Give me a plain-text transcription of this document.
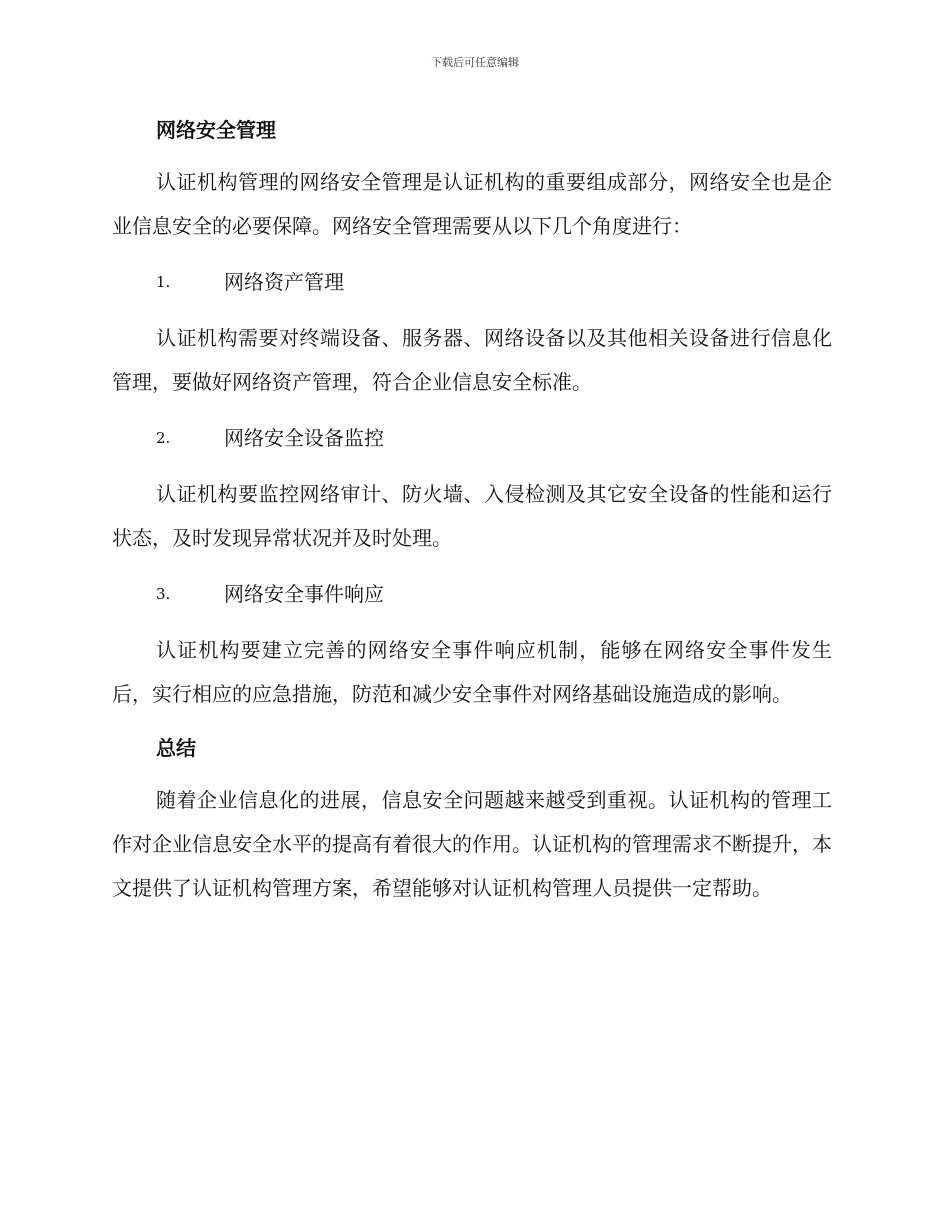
下载后可任意编辑
网络安全管理

认证机构管理的网络安全管理是认证机构的重要组成部分，网络安全也是企业信息安全的必要保障。网络安全管理需要从以下几个角度进行：

1.	网络资产管理

认证机构需要对终端设备、服务器、网络设备以及其他相关设备进行信息化管理，要做好网络资产管理，符合企业信息安全标准。

2.	网络安全设备监控

认证机构要监控网络审计、防火墙、入侵检测及其它安全设备的性能和运行状态，及时发现异常状况并及时处理。

3.	网络安全事件响应

认证机构要建立完善的网络安全事件响应机制，能够在网络安全事件发生后，实行相应的应急措施，防范和减少安全事件对网络基础设施造成的影响。

总结

随着企业信息化的进展，信息安全问题越来越受到重视。认证机构的管理工作对企业信息安全水平的提高有着很大的作用。认证机构的管理需求不断提升，本文提供了认证机构管理方案，希望能够对认证机构管理人员提供一定帮助。
